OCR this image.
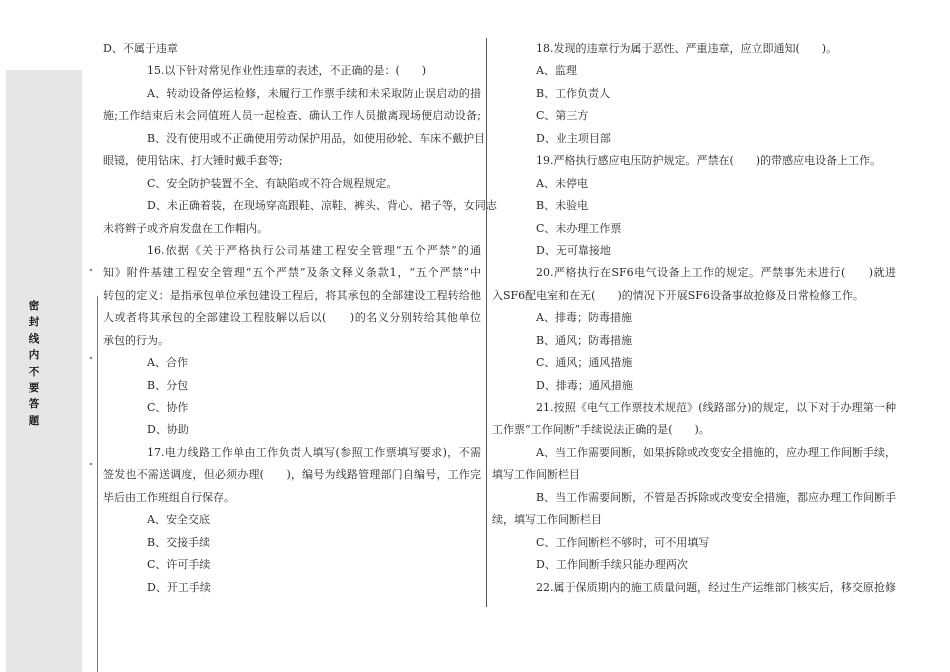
密封线内不要答题
"
"
"
D、不属于违章
15.以下针对常见作业性违章的表述，不正确的是：(　　)
A、转动设备停运检修，未履行工作票手续和未采取防止误启动的措
施;工作结束后未会同值班人员一起检查、确认工作人员撤离现场便启动设备;
B、没有使用或不正确使用劳动保护用品，如使用砂轮、车床不戴护目
眼镜，使用钻床、打大锤时戴手套等;
C、安全防护装置不全、有缺陷或不符合规程规定。
D、未正确着装，在现场穿高跟鞋、凉鞋、裤头、背心、裙子等，女同志
未将辫子或齐肩发盘在工作帽内。
16.依据《关于严格执行公司基建工程安全管理“五个严禁”的通
知》附件基建工程安全管理“五个严禁”及条文释义条款1，“五个严禁”中
转包的定义：是指承包单位承包建设工程后，将其承包的全部建设工程转给他
人或者将其承包的全部建设工程肢解以后以(　　)的名义分别转给其他单位
承包的行为。
A、合作
B、分包
C、协作
D、协助
17.电力线路工作单由工作负责人填写(参照工作票填写要求)，不需
签发也不需送调度，但必须办理(　　)，编号为线路管理部门自编号，工作完
毕后由工作班组自行保存。
A、安全交底
B、交接手续
C、许可手续
D、开工手续
18.发现的违章行为属于恶性、严重违章，应立即通知(　　)。
A、监理
B、工作负责人
C、第三方
D、业主项目部
19.严格执行感应电压防护规定。严禁在(　　)的带感应电设备上工作。
A、未停电
B、未验电
C、未办理工作票
D、无可靠接地
20.严格执行在SF6电气设备上工作的规定。严禁事先未进行(　　)就进
入SF6配电室和在无(　　)的情况下开展SF6设备事故抢修及日常检修工作。
A、排毒；防毒措施
B、通风；防毒措施
C、通风；通风措施
D、排毒；通风措施
21.按照《电气工作票技术规范》(线路部分)的规定，以下对于办理第一种
工作票“工作间断”手续说法正确的是(　　)。
A、当工作需要间断，如果拆除或改变安全措施的，应办理工作间断手续，
填写工作间断栏目
B、当工作需要间断，不管是否拆除或改变安全措施，都应办理工作间断手
续，填写工作间断栏目
C、工作间断栏不够时，可不用填写
D、工作间断手续只能办理两次
22.属于保质期内的施工质量问题，经过生产运维部门核实后，移交原抢修
